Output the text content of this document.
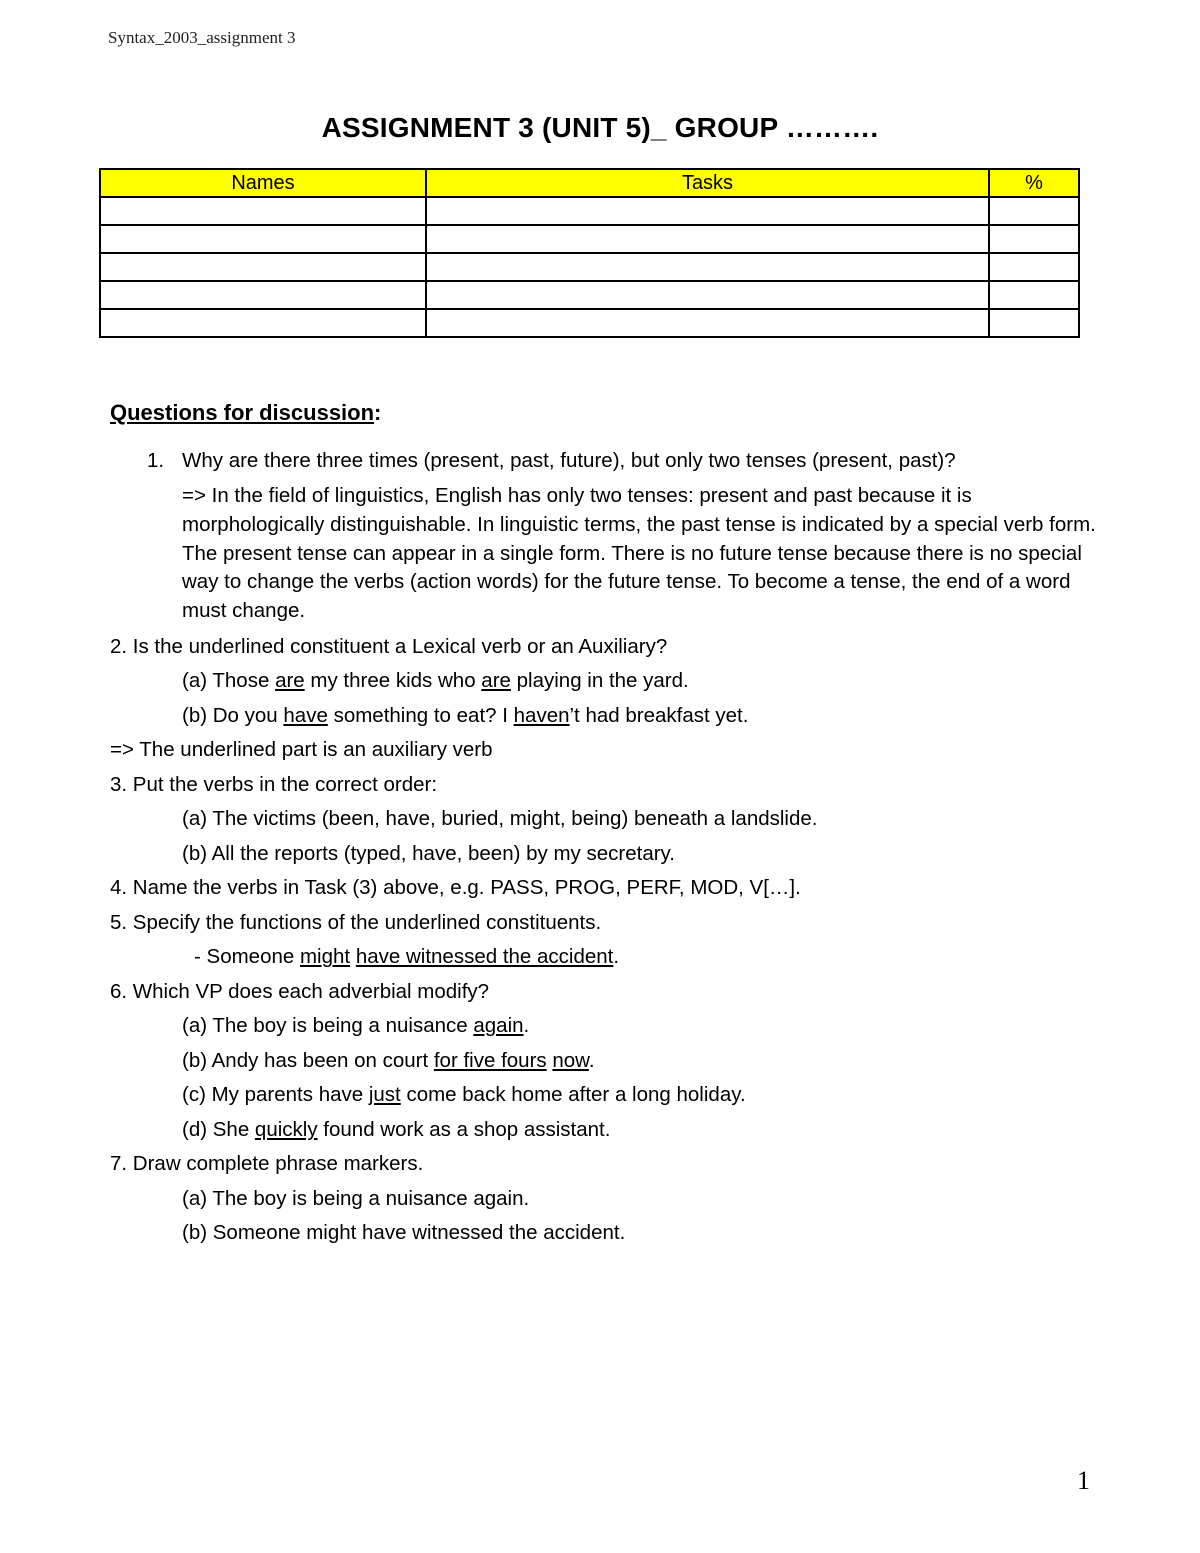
Syntax_2003_assignment 3
ASSIGNMENT 3 (UNIT 5)_ GROUP ……….
Names	Tasks	%

Questions for discussion:

1. Why are there three times (present, past, future), but only two tenses (present, past)?

=> In the field of linguistics, English has only two tenses: present and past because it is morphologically distinguishable. In linguistic terms, the past tense is indicated by a special verb form. The present tense can appear in a single form. There is no future tense because there is no special way to change the verbs (action words) for the future tense. To become a tense, the end of a word must change.

2. Is the underlined constituent a Lexical verb or an Auxiliary?

(a) Those are my three kids who are playing in the yard.

(b) Do you have something to eat? I haven’t had breakfast yet.

=> The underlined part is an auxiliary verb

3. Put the verbs in the correct order:

(a) The victims (been, have, buried, might, being) beneath a landslide.

(b) All the reports (typed, have, been) by my secretary.

4. Name the verbs in Task (3) above, e.g. PASS, PROG, PERF, MOD, V[…].

5. Specify the functions of the underlined constituents.

- Someone might have witnessed the accident.

6. Which VP does each adverbial modify?

(a) The boy is being a nuisance again.

(b) Andy has been on court for five fours now.

(c) My parents have just come back home after a long holiday.

(d) She quickly found work as a shop assistant.

7. Draw complete phrase markers.

(a) The boy is being a nuisance again.

(b) Someone might have witnessed the accident.

1
